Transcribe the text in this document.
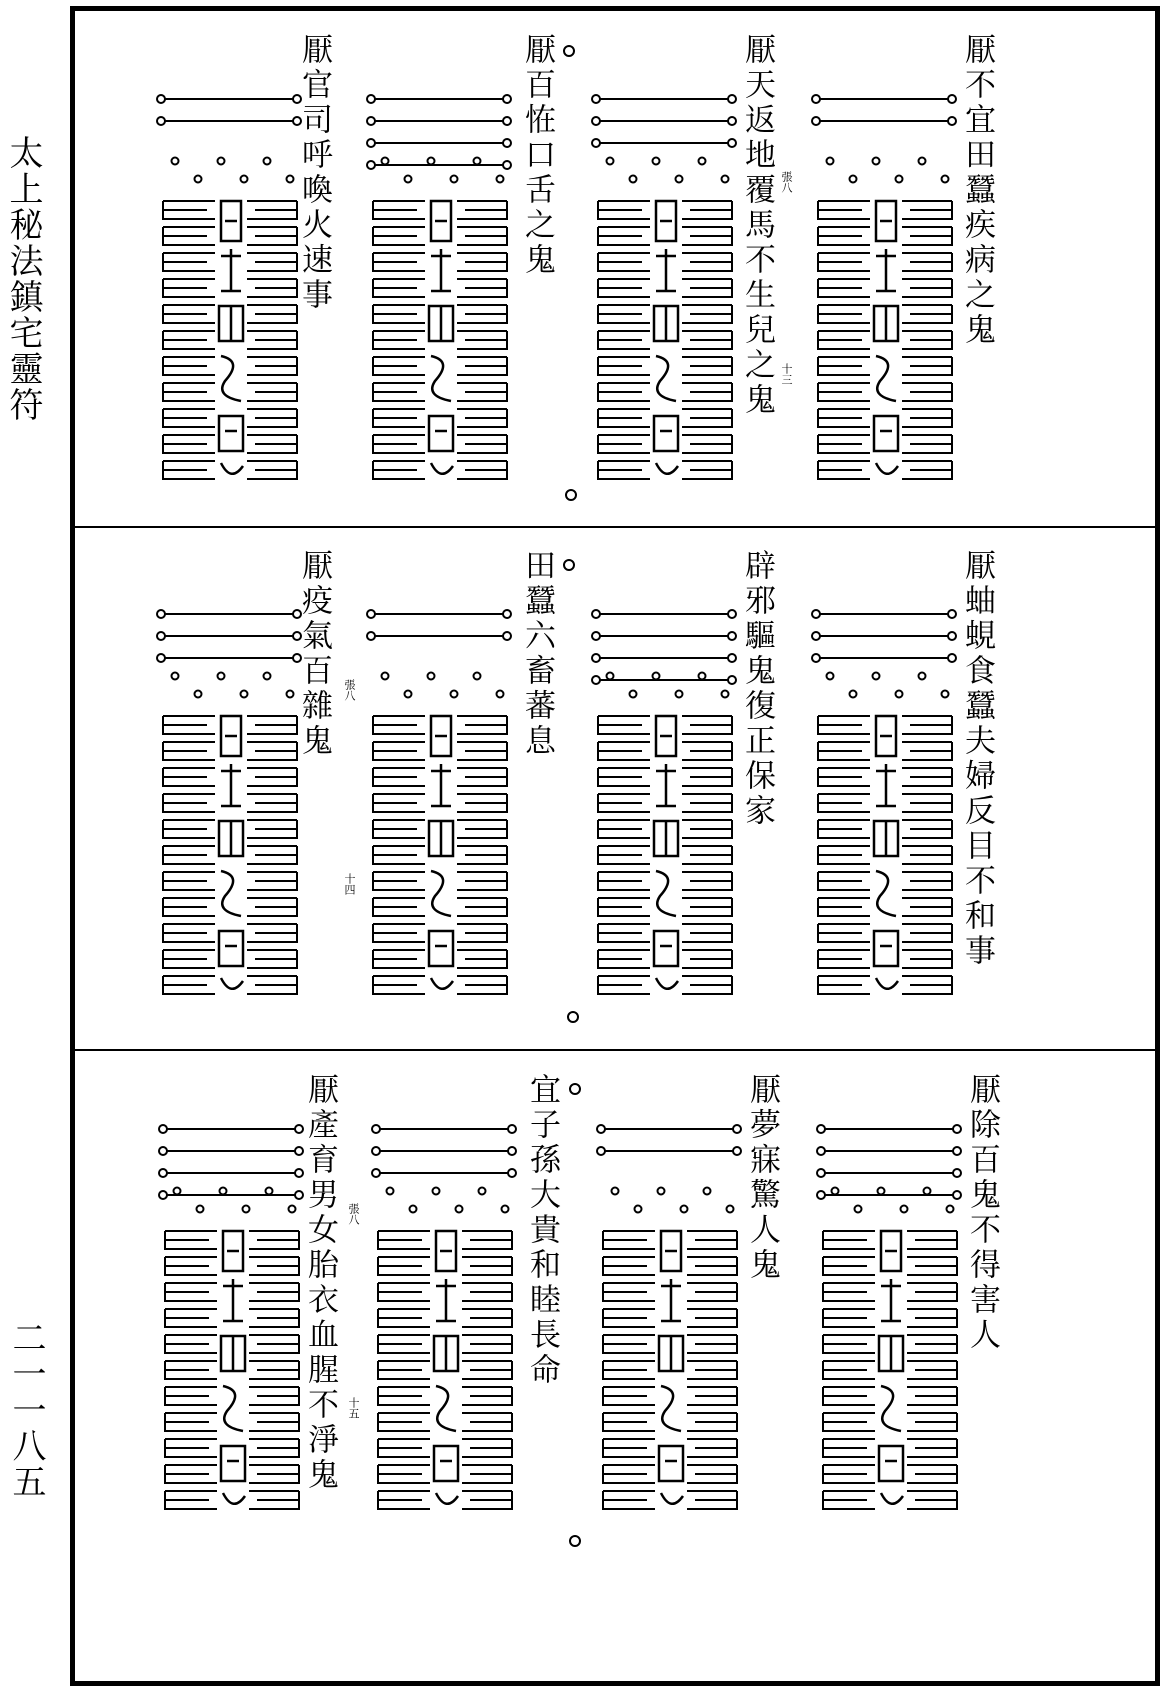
太上秘法鎮宅靈符
二一一八五
厭不宜田蠶疾病之鬼
厭天返地覆馬不生兒之鬼 張八
十三
厭百恠口舌之鬼
厭官司呼喚火速事
厭蚰蜆食蠶夫婦反目不和事
辟邪驅鬼復正保家
田蠶六畜蕃息
厭疫氣百雜鬼 張八
十四
厭除百鬼不得害人
厭夢寐驚人鬼
宜子孫大貴和睦長命
厭產育男女胎衣血腥不淨鬼 張八
十五
